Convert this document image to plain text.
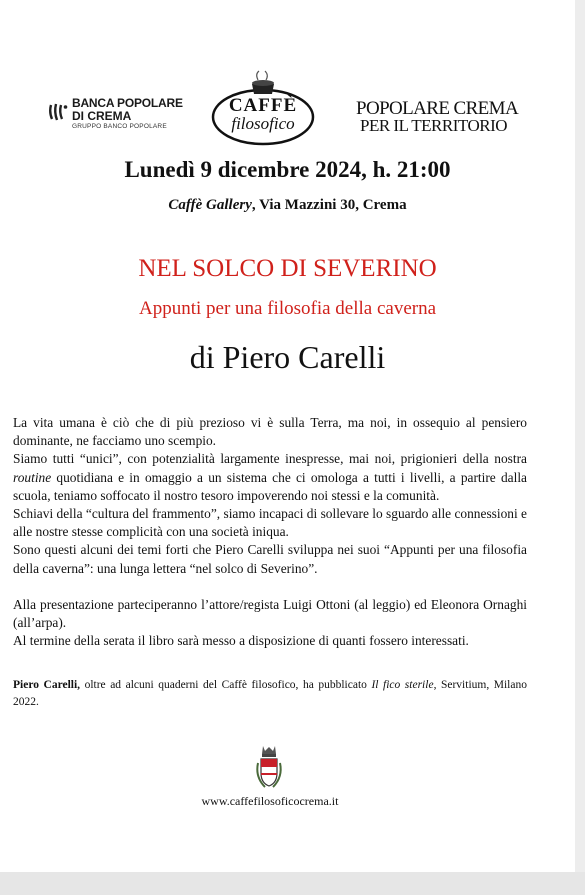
BANCA POPOLARE
DI CREMA
GRUPPO BANCO POPOLARE
CAFFÈ
filosofico
POPOLARE CREMA
PER IL TERRITORIO
Lunedì 9 dicembre 2024, h. 21:00
Caffè Gallery, Via Mazzini 30, Crema
NEL SOLCO DI SEVERINO
Appunti per una filosofia della caverna
di Piero Carelli

La vita umana è ciò che di più prezioso vi è sulla Terra, ma noi, in ossequio al pensiero dominante, ne facciamo uno scempio.

Siamo tutti “unici”, con potenzialità largamente inespresse, mai noi, prigionieri della nostra routine quotidiana e in omaggio a un sistema che ci omologa a tutti i livelli, a partire dalla scuola, teniamo soffocato il nostro tesoro impoverendo noi stessi e la comunità.

Schiavi della “cultura del frammento”, siamo incapaci di sollevare lo sguardo alle connessioni e alle nostre stesse complicità con una società iniqua.

Sono questi alcuni dei temi forti che Piero Carelli sviluppa nei suoi “Appunti per una filosofia della caverna”: una lunga lettera “nel solco di Severino”.

Alla presentazione parteciperanno l’attore/regista Luigi Ottoni (al leggio) ed Eleonora Ornaghi (all’arpa).

Al termine della serata il libro sarà messo a disposizione di quanti fossero interessati.

Piero Carelli, oltre ad alcuni quaderni del Caffè filosofico, ha pubblicato Il fico sterile, Servitium, Milano 2022.
www.caffefilosoficocrema.it
